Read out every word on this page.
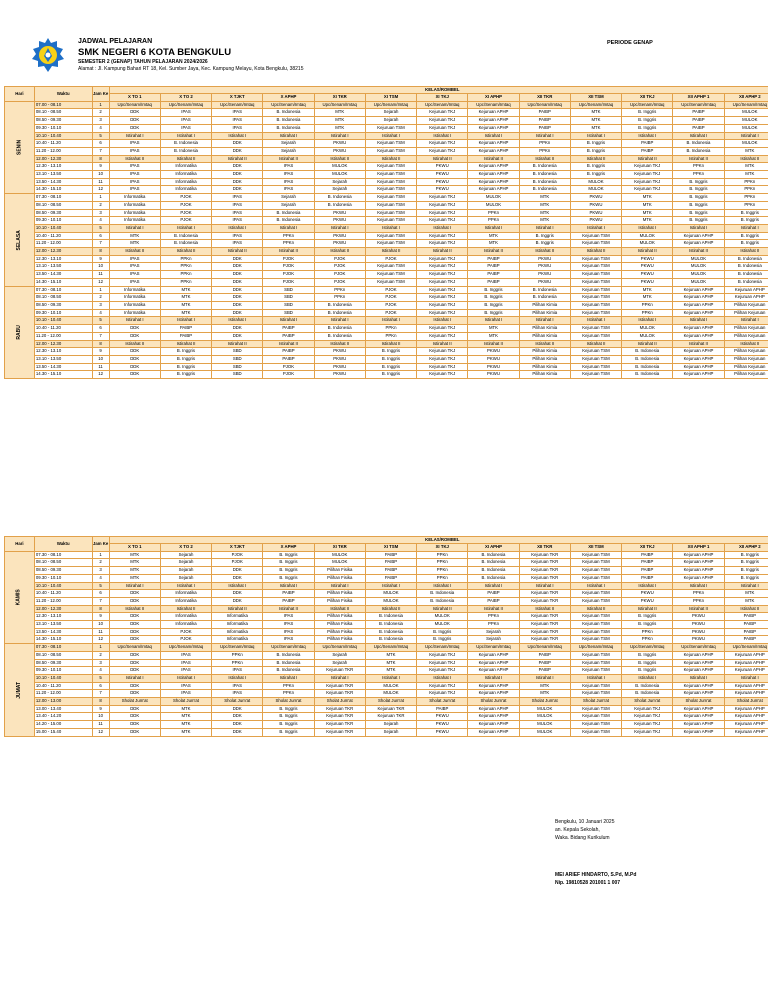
JADWAL PELAJARAN
SMK NEGERI 6 KOTA BENGKULU
SEMESTER 2 (GENAP) TAHUN PELAJARAN 2024/2026
Alamat : Jl. Kampung Bahari RT 18, Kel. Sumber Jaya, Kec. Kampung Melayu, Kota Bengkulu, 38215
PERIODE GENAP
Hari	Waktu	Jam Ke	KELAS/ROMBEL												
			X TO 1	X TO 2	X TJKT	X APHP	XI TKR	XI TSM	XI TKJ	XI APHP	XII TKR	XII TSM	XII TKJ	XII APHP 1	XII APHP 2
SENIN	07.00 - 08.10	1	Upc/Senam/Imtaq	Upc/Senam/Imtaq	Upc/Senam/Imtaq	Upc/Senam/Imtaq	Upc/Senam/Imtaq	Upc/Senam/Imtaq	Upc/Senam/Imtaq	Upc/Senam/Imtaq	Upc/Senam/Imtaq	Upc/Senam/Imtaq	Upc/Senam/Imtaq	Upc/Senam/Imtaq	Upc/Senam/Imtaq
	08.10 - 08.50	2	DDK	IPAS	IPAS	B. Indonesia	MTK	Sejarah	Kejuruan TKJ	Kejuruan APHP	PAIBP	MTK	B. Inggris	PAIBP	MULOK
	08.50 - 09.30	3	DDK	IPAS	IPAS	B. Indonesia	MTK	Sejarah	Kejuruan TKJ	Kejuruan APHP	PAIBP	MTK	B. Inggris	PAIBP	MULOK
	09.30 - 10.10	4	DDK	IPAS	IPAS	B. Indonesia	MTK	Kejuruan TSM	Kejuruan TKJ	Kejuruan APHP	PAIBP	MTK	B. Inggris	PAIBP	MULOK
	10.10 - 10.40	5	Istirahat I	Istirahat I	Istirahat I	Istirahat I	Istirahat I	Istirahat I	Istirahat I	Istirahat I	Istirahat I	Istirahat I	Istirahat I	Istirahat I	Istirahat I
	10.40 - 11.20	6	IPAS	B. Indonesia	DDK	Sejarah	PKWU	Kejuruan TSM	Kejuruan TKJ	Kejuruan APHP	PPKn	B. Inggris	PAIBP	B. Indonesia	MULOK
	11.20 - 12.00	7	IPAS	B. Indonesia	DDK	Sejarah	PKWU	Kejuruan TSM	Kejuruan TKJ	Kejuruan APHP	PPKn	B. Inggris	PAIBP	B. Indonesia	MTK
	12.00 - 12.30	8	Istirahat II	Istirahat II	Istirahat II	Istirahat II	Istirahat II	Istirahat II	Istirahat II	Istirahat II	Istirahat II	Istirahat II	Istirahat II	Istirahat II	Istirahat II
	12.30 - 13.10	9	IPAS	Informatika	DDK	IPAS	MULOK	Kejuruan TSM	PKWU	Kejuruan APHP	B. Indonesia	B. Inggris	Kejuruan TKJ	PPKn	MTK
	13.10 - 13.50	10	IPAS	Informatika	DDK	IPAS	MULOK	Kejuruan TSM	PKWU	Kejuruan APHP	B. Indonesia	B. Inggris	Kejuruan TKJ	PPKn	MTK
	13.50 - 14.30	11	IPAS	Informatika	DDK	IPAS	Sejarah	Kejuruan TSM	PKWU	Kejuruan APHP	B. Indonesia	MULOK	Kejuruan TKJ	B. Inggris	PPKn
	14.30 - 15.10	12	IPAS	Informatika	DDK	IPAS	Sejarah	Kejuruan TSM	PKWU	Kejuruan APHP	B. Indonesia	MULOK	Kejuruan TKJ	B. Inggris	PPKn
SELASA	07.30 - 08.10	1	Informatika	PJOK	IPAS	Sejarah	B. Indonesia	Kejuruan TSM	Kejuruan TKJ	MULOK	MTK	PKWU	MTK	B. Inggris	PPKn
	08.10 - 08.50	2	Informatika	PJOK	IPAS	Sejarah	B. Indonesia	Kejuruan TSM	Kejuruan TKJ	MULOK	MTK	PKWU	MTK	B. Inggris	PPKn
	08.50 - 09.30	3	Informatika	PJOK	IPAS	B. Indonesia	PKWU	Kejuruan TSM	Kejuruan TKJ	PPKn	MTK	PKWU	MTK	B. Inggris	B. Inggris
	09.30 - 10.10	4	Informatika	PJOK	IPAS	B. Indonesia	PKWU	Kejuruan TSM	Kejuruan TKJ	PPKn	MTK	PKWU	MTK	B. Inggris	B. Inggris
	10.10 - 10.40	5	Istirahat I	Istirahat I	Istirahat I	Istirahat I	Istirahat I	Istirahat I	Istirahat I	Istirahat I	Istirahat I	Istirahat I	Istirahat I	Istirahat I	Istirahat I
	10.40 - 11.20	6	MTK	B. Indonesia	IPAS	PPKn	PKWU	Kejuruan TSM	Kejuruan TKJ	MTK	B. Inggris	Kejuruan TSM	MULOK	Kejuruan APHP	B. Inggris
	11.20 - 12.00	7	MTK	B. Indonesia	IPAS	PPKn	PKWU	Kejuruan TSM	Kejuruan TKJ	MTK	B. Inggris	Kejuruan TSM	MULOK	Kejuruan APHP	B. Inggris
	12.00 - 12.30	8	Istirahat II	Istirahat II	Istirahat II	Istirahat II	Istirahat II	Istirahat II	Istirahat II	Istirahat II	Istirahat II	Istirahat II	Istirahat II	Istirahat II	Istirahat II
	12.30 - 13.10	9	IPAS	PPKn	DDK	PJOK	PJOK	PJOK	Kejuruan TKJ	PAIBP	PKWU	Kejuruan TSM	PKWU	MULOK	B. Indonesia
	13.10 - 13.50	10	IPAS	PPKn	DDK	PJOK	PJOK	Kejuruan TSM	Kejuruan TKJ	PAIBP	PKWU	Kejuruan TSM	PKWU	MULOK	B. Indonesia
	13.50 - 14.30	11	IPAS	PPKn	DDK	PJOK	PJOK	Kejuruan TSM	Kejuruan TKJ	PAIBP	PKWU	Kejuruan TSM	PKWU	MULOK	B. Indonesia
	14.30 - 15.10	12	IPAS	PPKn	DDK	PJOK	PJOK	Kejuruan TSM	Kejuruan TKJ	PAIBP	PKWU	Kejuruan TSM	PKWU	MULOK	B. Indonesia
RABU	07.30 - 08.10	1	Informatika	MTK	DDK	SBD	PPKn	PJOK	Kejuruan TKJ	B. Inggris	B. Indonesia	Kejuruan TSM	MTK	Kejuruan APHP	Kejuruan APHP
	08.10 - 08.50	2	Informatika	MTK	DDK	SBD	PPKn	PJOK	Kejuruan TKJ	B. Inggris	B. Indonesia	Kejuruan TSM	MTK	Kejuruan APHP	Kejuruan APHP
	08.50 - 09.30	3	Informatika	MTK	DDK	SBD	B. Indonesia	PJOK	Kejuruan TKJ	B. Inggris	Pilihan Kimia	Kejuruan TSM	PPKn	Kejuruan APHP	Pilihan Kejuruan
	09.30 - 10.10	4	Informatika	MTK	DDK	SBD	B. Indonesia	PJOK	Kejuruan TKJ	B. Inggris	Pilihan Kimia	Kejuruan TSM	PPKn	Kejuruan APHP	Pilihan Kejuruan
	10.10 - 10.40	5	Istirahat I	Istirahat I	Istirahat I	Istirahat I	Istirahat I	Istirahat I	Istirahat I	Istirahat I	Istirahat I	Istirahat I	Istirahat I	Istirahat I	Istirahat I
	10.40 - 11.20	6	DDK	PAIBP	DDK	PAIBP	B. Indonesia	PPKn	Kejuruan TKJ	MTK	Pilihan Kimia	Kejuruan TSM	MULOK	Kejuruan APHP	Pilihan Kejuruan
	11.20 - 12.00	7	DDK	PAIBP	DDK	PAIBP	B. Indonesia	PPKn	Kejuruan TKJ	MTK	Pilihan Kimia	Kejuruan TSM	MULOK	Kejuruan APHP	Pilihan Kejuruan
	12.00 - 12.30	8	Istirahat II	Istirahat II	Istirahat II	Istirahat II	Istirahat II	Istirahat II	Istirahat II	Istirahat II	Istirahat II	Istirahat II	Istirahat II	Istirahat II	Istirahat II
	12.30 - 13.10	9	DDK	B. Inggris	SBD	PAIBP	PKWU	B. Inggris	Kejuruan TKJ	PKWU	Pilihan Kimia	Kejuruan TSM	B. Indonesia	Kejuruan APHP	Pilihan Kejuruan
	13.10 - 13.50	10	DDK	B. Inggris	SBD	PAIBP	PKWU	B. Inggris	Kejuruan TKJ	PKWU	Pilihan Kimia	Kejuruan TSM	B. Indonesia	Kejuruan APHP	Pilihan Kejuruan
	13.50 - 14.30	11	DDK	B. Inggris	SBD	PJOK	PKWU	B. Inggris	Kejuruan TKJ	PKWU	Pilihan Kimia	Kejuruan TSM	B. Indonesia	Kejuruan APHP	Pilihan Kejuruan
	14.30 - 15.10	12	DDK	B. Inggris	SBD	PJOK	PKWU	B. Inggris	Kejuruan TKJ	PKWU	Pilihan Kimia	Kejuruan TSM	B. Indonesia	Kejuruan APHP	Pilihan Kejuruan
Hari	Waktu	Jam Ke	KELAS/ROMBEL												
			X TO 1	X TO 2	X TJKT	X APHP	XI TKR	XI TSM	XI TKJ	XI APHP	XII TKR	XII TSM	XII TKJ	XII APHP 1	XII APHP 2
KAMIS	07.30 - 08.10	1	MTK	Sejarah	PJOK	B. Inggris	MULOK	PAIBP	PPKn	B. Indonesia	Kejuruan TKR	Kejuruan TSM	PAIBP	Kejuruan APHP	B. Inggris
	08.10 - 08.50	2	MTK	Sejarah	PJOK	B. Inggris	MULOK	PAIBP	PPKn	B. Indonesia	Kejuruan TKR	Kejuruan TSM	PAIBP	Kejuruan APHP	B. Inggris
	08.50 - 09.30	3	MTK	Sejarah	DDK	B. Inggris	Pilihan Fisika	PAIBP	PPKn	B. Indonesia	Kejuruan TKR	Kejuruan TSM	PAIBP	Kejuruan APHP	B. Inggris
	09.30 - 10.10	4	MTK	Sejarah	DDK	B. Inggris	Pilihan Fisika	PAIBP	PPKn	B. Indonesia	Kejuruan TKR	Kejuruan TSM	PAIBP	Kejuruan APHP	B. Inggris
	10.10 - 10.40	5	Istirahat I	Istirahat I	Istirahat I	Istirahat I	Istirahat I	Istirahat I	Istirahat I	Istirahat I	Istirahat I	Istirahat I	Istirahat I	Istirahat I	Istirahat I
	10.40 - 11.20	6	DDK	Informatika	DDK	PAIBP	Pilihan Fisika	MULOK	B. Indonesia	PAIBP	Kejuruan TKR	Kejuruan TSM	PKWU	PPKn	MTK
	11.20 - 12.00	7	DDK	Informatika	DDK	PAIBP	Pilihan Fisika	MULOK	B. Indonesia	PAIBP	Kejuruan TKR	Kejuruan TSM	PKWU	PPKn	MTK
	12.00 - 12.30	8	Istirahat II	Istirahat II	Istirahat II	Istirahat II	Istirahat II	Istirahat II	Istirahat II	Istirahat II	Istirahat II	Istirahat II	Istirahat II	Istirahat II	Istirahat II
	12.30 - 13.10	9	DDK	Informatika	Informatika	IPAS	Pilihan Fisika	B. Indonesia	MULOK	PPKn	Kejuruan TKR	Kejuruan TSM	B. Inggris	PKWU	PAIBP
	13.10 - 13.50	10	DDK	Informatika	Informatika	IPAS	Pilihan Fisika	B. Indonesia	MULOK	PPKn	Kejuruan TKR	Kejuruan TSM	B. Inggris	PKWU	PAIBP
	13.50 - 14.30	11	DDK	PJOK	Informatika	IPAS	Pilihan Fisika	B. Indonesia	B. Inggris	Sejarah	Kejuruan TKR	Kejuruan TSM	PPKn	PKWU	PAIBP
	14.30 - 15.10	12	DDK	PJOK	Informatika	IPAS	Pilihan Fisika	B. Indonesia	B. Inggris	Sejarah	Kejuruan TKR	Kejuruan TSM	PPKn	PKWU	PAIBP
JUMAT	07.30 - 08.10	1	Upc/Senam/Imtaq	Upc/Senam/Imtaq	Upc/Senam/Imtaq	Upc/Senam/Imtaq	Upc/Senam/Imtaq	Upc/Senam/Imtaq	Upc/Senam/Imtaq	Upc/Senam/Imtaq	Upc/Senam/Imtaq	Upc/Senam/Imtaq	Upc/Senam/Imtaq	Upc/Senam/Imtaq	Upc/Senam/Imtaq
	08.10 - 08.50	2	DDK	IPAS	PPKn	B. Indonesia	Sejarah	MTK	Kejuruan TKJ	Kejuruan APHP	PAIBP	Kejuruan TSM	B. Inggris	Kejuruan APHP	Kejuruan APHP
	08.50 - 09.30	3	DDK	IPAS	PPKn	B. Indonesia	Sejarah	MTK	Kejuruan TKJ	Kejuruan APHP	PAIBP	Kejuruan TSM	B. Inggris	Kejuruan APHP	Kejuruan APHP
	09.30 - 10.10	4	DDK	IPAS	IPAS	B. Indonesia	Kejuruan TKR	MTK	Kejuruan TKJ	Kejuruan APHP	PAIBP	Kejuruan TSM	B. Inggris	Kejuruan APHP	Kejuruan APHP
	10.10 - 10.40	5	Istirahat I	Istirahat I	Istirahat I	Istirahat I	Istirahat I	Istirahat I	Istirahat I	Istirahat I	Istirahat I	Istirahat I	Istirahat I	Istirahat I	Istirahat I
	10.40 - 11.20	6	DDK	IPAS	IPAS	PPKn	Kejuruan TKR	MULOK	Kejuruan TKJ	Kejuruan APHP	MTK	Kejuruan TSM	B. Indonesia	Kejuruan APHP	Kejuruan APHP
	11.20 - 12.00	7	DDK	IPAS	IPAS	PPKn	Kejuruan TKR	MULOK	Kejuruan TKJ	Kejuruan APHP	MTK	Kejuruan TSM	B. Indonesia	Kejuruan APHP	Kejuruan APHP
	12.00 - 13.00	8	Sholat Jum'at	Sholat Jum'at	Sholat Jum'at	Sholat Jum'at	Sholat Jum'at	Sholat Jum'at	Sholat Jum'at	Sholat Jum'at	Sholat Jum'at	Sholat Jum'at	Sholat Jum'at	Sholat Jum'at	Sholat Jum'at
	13.00 - 13.40	9	DDK	MTK	DDK	B. Inggris	Kejuruan TKR	Kejuruan TKR	PAIBP	Kejuruan APHP	MULOK	Kejuruan TSM	Kejuruan TKJ	Kejuruan APHP	Kejuruan APHP
	13.40 - 14.20	10	DDK	MTK	DDK	B. Inggris	Kejuruan TKR	Kejuruan TKR	PKWU	Kejuruan APHP	MULOK	Kejuruan TSM	Kejuruan TKJ	Kejuruan APHP	Kejuruan APHP
	14.20 - 15.00	11	DDK	MTK	DDK	B. Inggris	Kejuruan TKR	Sejarah	PKWU	Kejuruan APHP	MULOK	Kejuruan TSM	Kejuruan TKJ	Kejuruan APHP	Kejuruan APHP
	15.00 - 15.40	12	DDK	MTK	DDK	B. Inggris	Kejuruan TKR	Sejarah	PKWU	Kejuruan APHP	MULOK	Kejuruan TSM	Kejuruan TKJ	Kejuruan APHP	Kejuruan APHP
Bengkulu, 10 Januari 2025
an. Kepala Sekolah,
Waka. Bidang Kurikulum
MEI ARIEF HINDARTO, S.Pd, M.Pd
Nip. 19810528 201001 1 007
